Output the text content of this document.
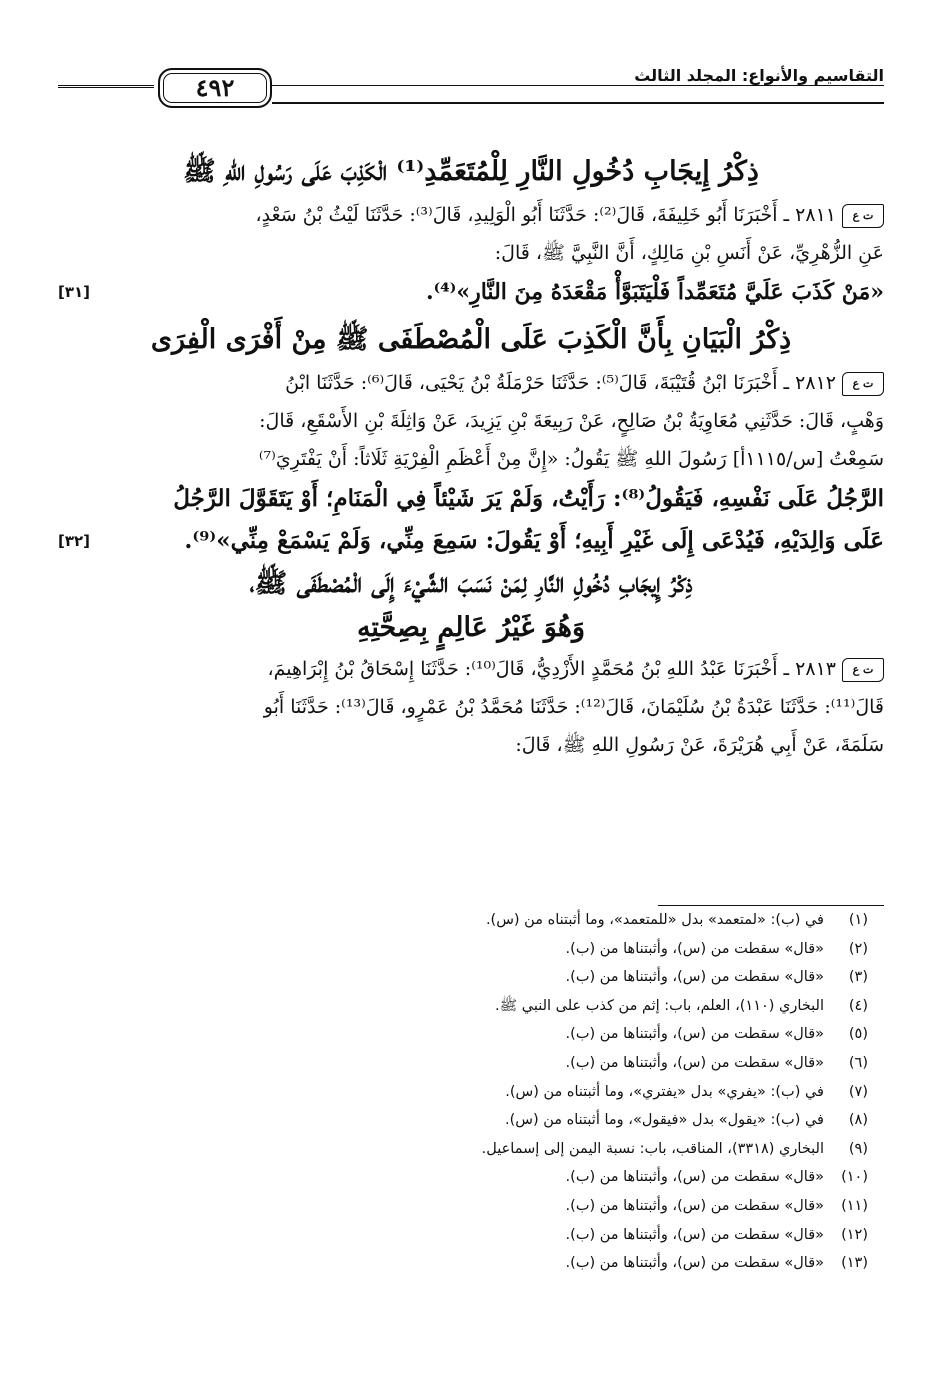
٤٩٢	التقاسيم والأنواع: المجلد الثالث
ذِكْرُ إِيجَابِ دُخُولِ النَّارِ لِلْمُتَعَمِّدِ⁽¹⁾ الْكَذِبَ عَلَى رَسُولِ اللهِ ﷺ

ت ع٢٨١١ ـ أَخْبَرَنَا أَبُو خَلِيفَةَ، قَالَ⁽²⁾: حَدَّثَنَا أَبُو الْوَلِيدِ، قَالَ⁽³⁾: حَدَّثَنَا لَيْثُ بْنُ سَعْدٍ،

عَنِ الزُّهْرِيِّ، عَنْ أَنَسِ بْنِ مَالِكٍ، أَنَّ النَّبِيَّ ﷺ، قَالَ:

«مَنْ كَذَبَ عَلَيَّ مُتَعَمِّداً فَلْيَتَبَوَّأْ مَقْعَدَهُ مِنَ النَّارِ»⁽⁴⁾.
[٣١]

ذِكْرُ الْبَيَانِ بِأَنَّ الْكَذِبَ عَلَى الْمُصْطَفَى ﷺ مِنْ أَفْرَى الْفِرَى

ت ع٢٨١٢ ـ أَخْبَرَنَا ابْنُ قُتَيْبَةَ، قَالَ⁽⁵⁾: حَدَّثَنَا حَرْمَلَةُ بْنُ يَحْيَى، قَالَ⁽⁶⁾: حَدَّثَنَا ابْنُ

وَهْبٍ، قَالَ: حَدَّثَنِي مُعَاوِيَةُ بْنُ صَالِحٍ، عَنْ رَبِيعَةَ بْنِ يَزِيدَ، عَنْ وَاثِلَةَ بْنِ الأَسْقَعِ، قَالَ:

سَمِعْتُ [س/١١١٥أ] رَسُولَ اللهِ ﷺ يَقُولُ: «إِنَّ مِنْ أَعْظَمِ الْفِرْيَةِ ثَلَاثاً: أَنْ يَفْتَرِيَ⁽⁷⁾

الرَّجُلُ عَلَى نَفْسِهِ، فَيَقُولُ⁽⁸⁾: رَأَيْتُ، وَلَمْ يَرَ شَيْئاً فِي الْمَنَامِ؛ أَوْ يَتَقَوَّلَ الرَّجُلُ

عَلَى وَالِدَيْهِ، فَيُدْعَى إِلَى غَيْرِ أَبِيهِ؛ أَوْ يَقُولَ: سَمِعَ مِنِّي، وَلَمْ يَسْمَعْ مِنِّي»⁽⁹⁾.
[٣٢]

ذِكْرُ إِيجَابِ دُخُولِ النَّارِ لِمَنْ نَسَبَ الشَّيْءَ إِلَى الْمُصْطَفَى ﷺ،
وَهُوَ غَيْرُ عَالِمٍ بِصِحَّتِهِ

ت ع٢٨١٣ ـ أَخْبَرَنَا عَبْدُ اللهِ بْنُ مُحَمَّدٍ الأَزْدِيُّ، قَالَ⁽¹⁰⁾: حَدَّثَنَا إِسْحَاقُ بْنُ إِبْرَاهِيمَ،

قَالَ⁽¹¹⁾: حَدَّثَنَا عَبْدَةُ بْنُ سُلَيْمَانَ، قَالَ⁽¹²⁾: حَدَّثَنَا مُحَمَّدُ بْنُ عَمْرٍو، قَالَ⁽¹³⁾: حَدَّثَنَا أَبُو

سَلَمَةَ، عَنْ أَبِي هُرَيْرَةَ، عَنْ رَسُولِ اللهِ ﷺ، قَالَ:

(١)في (ب): «لمتعمد» بدل «للمتعمد»، وما أثبتناه من (س).
(٢)«قال» سقطت من (س)، وأثبتناها من (ب).
(٣)«قال» سقطت من (س)، وأثبتناها من (ب).
(٤)البخاري (١١٠)، العلم، باب: إثم من كذب على النبي ﷺ.
(٥)«قال» سقطت من (س)، وأثبتناها من (ب).
(٦)«قال» سقطت من (س)، وأثبتناها من (ب).
(٧)في (ب): «يفري» بدل «يفتري»، وما أثبتناه من (س).
(٨)في (ب): «يقول» بدل «فيقول»، وما أثبتناه من (س).
(٩)البخاري (٣٣١٨)، المناقب، باب: نسبة اليمن إلى إسماعيل.
(١٠)«قال» سقطت من (س)، وأثبتناها من (ب).
(١١)«قال» سقطت من (س)، وأثبتناها من (ب).
(١٢)«قال» سقطت من (س)، وأثبتناها من (ب).
(١٣)«قال» سقطت من (س)، وأثبتناها من (ب).
